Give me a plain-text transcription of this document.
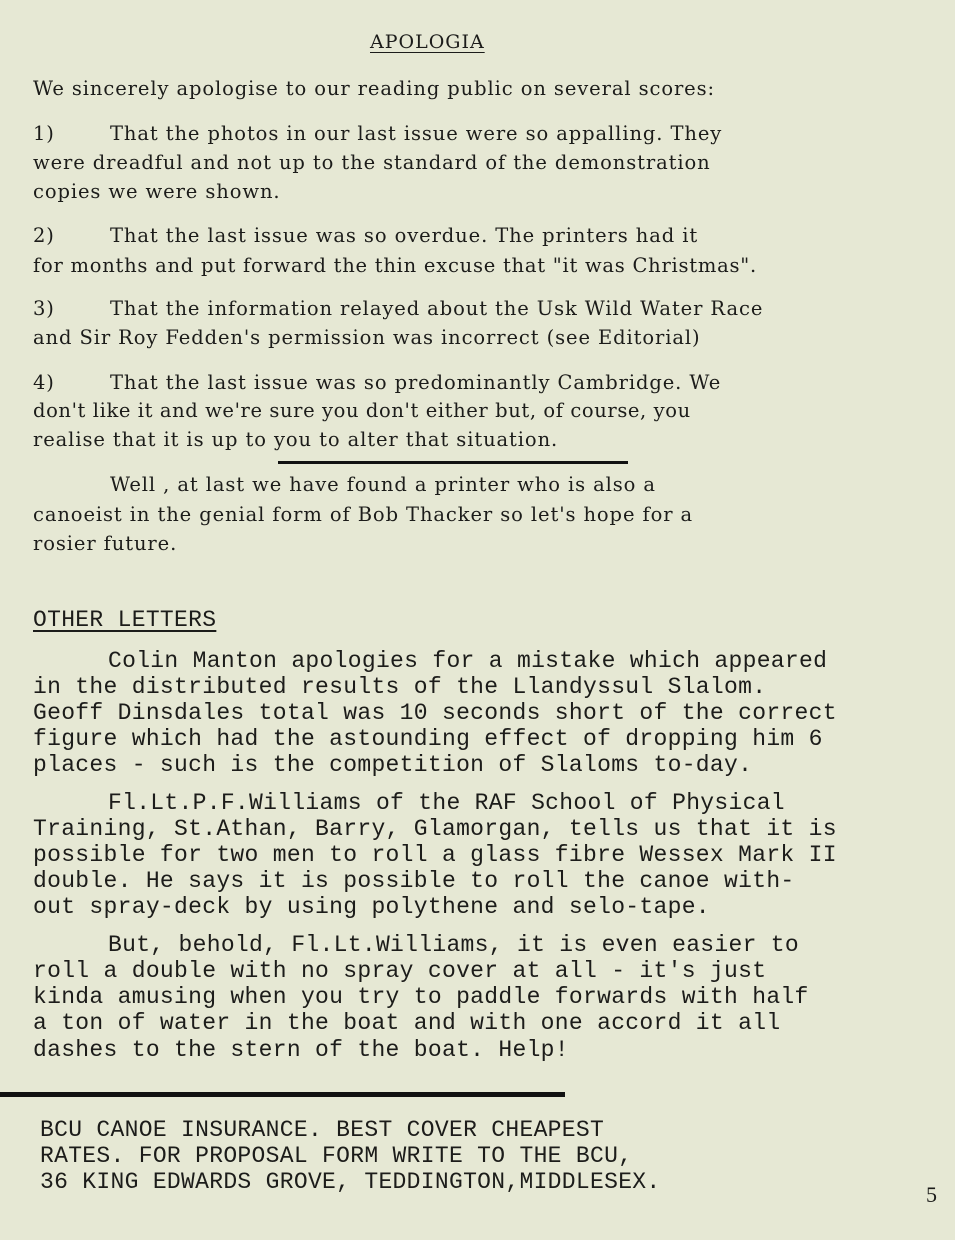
APOLOGIA
We sincerely apologise to our reading public on several scores:
1)	That the photos in our last issue were so appalling. They
were dreadful and not up to the standard of the demonstration
copies we were shown.
2)	That the last issue was so overdue. The printers had it
for months and put forward the thin excuse that "it was Christmas".
3)	That the information relayed about the Usk Wild Water Race
and Sir Roy Fedden's permission was incorrect (see Editorial)
4)	That the last issue was so predominantly Cambridge. We
don't like it and we're sure you don't either but, of course, you
realise that it is up to you to alter that situation.
Well , at last we have found a printer who is also a
canoeist in the genial form of Bob Thacker so let's hope for a
rosier future.
OTHER LETTERS
Colin Manton apologies for a mistake which appeared
in the distributed results of the Llandyssul Slalom.
Geoff Dinsdales total was 10 seconds short of the correct
figure which had the astounding effect of dropping him 6
places - such is the competition of Slaloms to-day.
Fl.Lt.P.F.Williams of the RAF School of Physical
Training, St.Athan, Barry, Glamorgan, tells us that it is
possible for two men to roll a glass fibre Wessex Mark II
double. He says it is possible to roll the canoe with-
out spray-deck by using polythene and selo-tape.
But, behold, Fl.Lt.Williams, it is even easier to
roll a double with no spray cover at all - it's just
kinda amusing when you try to paddle forwards with half
a ton of water in the boat and with one accord it all
dashes to the stern of the boat. Help!
BCU CANOE INSURANCE. BEST COVER CHEAPEST
RATES. FOR PROPOSAL FORM WRITE TO THE BCU,
36 KING EDWARDS GROVE, TEDDINGTON,MIDDLESEX.	5
